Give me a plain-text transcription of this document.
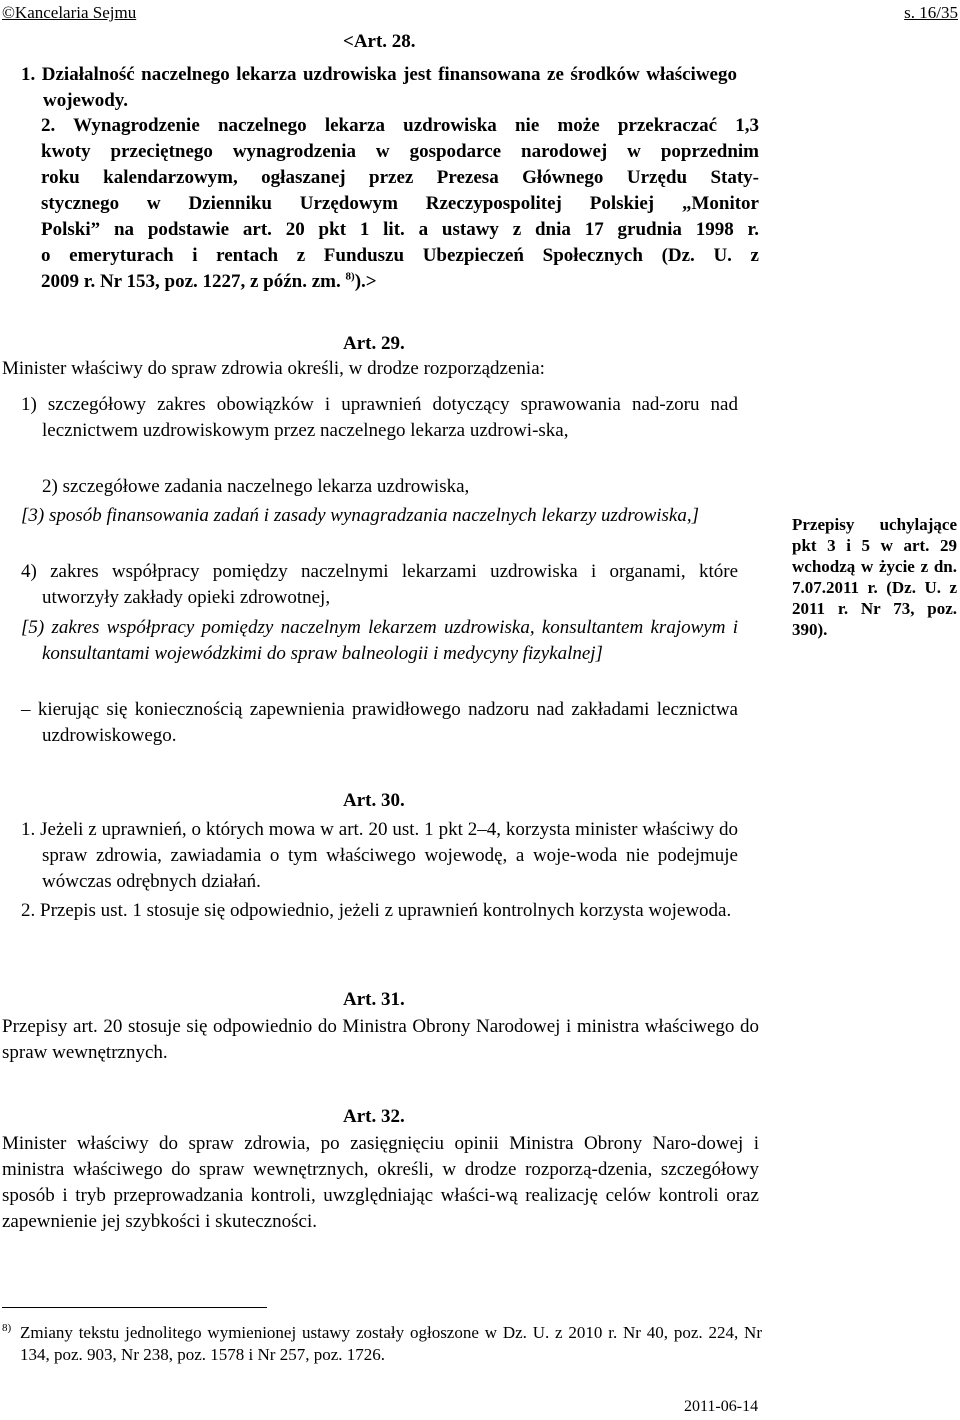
©Kancelaria Sejmu	s. 16/35
<Art. 28.
1. Działalność naczelnego lekarza uzdrowiska jest finansowana ze środków właściwego wojewody.
2. Wynagrodzenie naczelnego lekarza uzdrowiska nie może przekraczać 1,3
kwoty przeciętnego wynagrodzenia w gospodarce narodowej w poprzednim
roku kalendarzowym, ogłaszanej przez Prezesa Głównego Urzędu Staty-
stycznego w Dzienniku Urzędowym Rzeczypospolitej Polskiej „Monitor
Polski” na podstawie art. 20 pkt 1 lit. a ustawy z dnia 17 grudnia 1998 r.
o emeryturach i rentach z Funduszu Ubezpieczeń Społecznych (Dz. U. z
2009 r. Nr 153, poz. 1227, z późn. zm. $^{8)}$).>
Art. 29.
Minister właściwy do spraw zdrowia określi, w drodze rozporządzenia:
1) szczegółowy zakres obowiązków i uprawnień dotyczący sprawowania nad-zoru nad lecznictwem uzdrowiskowym przez naczelnego lekarza uzdrowi-ska,
2) szczegółowe zadania naczelnego lekarza uzdrowiska,
[3) sposób finansowania zadań i zasady wynagradzania naczelnych lekarzy uzdrowiska,]
4) zakres współpracy pomiędzy naczelnymi lekarzami uzdrowiska i organami, które utworzyły zakłady opieki zdrowotnej,
[5) zakres współpracy pomiędzy naczelnym lekarzem uzdrowiska, konsultantem krajowym i konsultantami wojewódzkimi do spraw balneologii i medycyny fizykalnej]
– kierując się koniecznością zapewnienia prawidłowego nadzoru nad zakładami lecznictwa uzdrowiskowego.
Przepisy uchylające pkt 3 i 5 w art. 29 wchodzą w życie z dn. 7.07.2011 r. (Dz. U. z 2011 r. Nr 73, poz. 390).
Art. 30.
1. Jeżeli z uprawnień, o których mowa w art. 20 ust. 1 pkt 2–4, korzysta minister właściwy do spraw zdrowia, zawiadamia o tym właściwego wojewodę, a woje-woda nie podejmuje wówczas odrębnych działań.
2. Przepis ust. 1 stosuje się odpowiednio, jeżeli z uprawnień kontrolnych korzysta wojewoda.
Art. 31.
Przepisy art. 20 stosuje się odpowiednio do Ministra Obrony Narodowej i ministra właściwego do spraw wewnętrznych.
Art. 32.
Minister właściwy do spraw zdrowia, po zasięgnięciu opinii Ministra Obrony Naro-dowej i ministra właściwego do spraw wewnętrznych, określi, w drodze rozporzą-dzenia, szczegółowy sposób i tryb przeprowadzania kontroli, uwzględniając właści-wą realizację celów kontroli oraz zapewnienie jej szybkości i skuteczności.
8) Zmiany tekstu jednolitego wymienionej ustawy zostały ogłoszone w Dz. U. z 2010 r. Nr 40, poz. 224, Nr 134, poz. 903, Nr 238, poz. 1578 i Nr 257, poz. 1726.
2011-06-14
